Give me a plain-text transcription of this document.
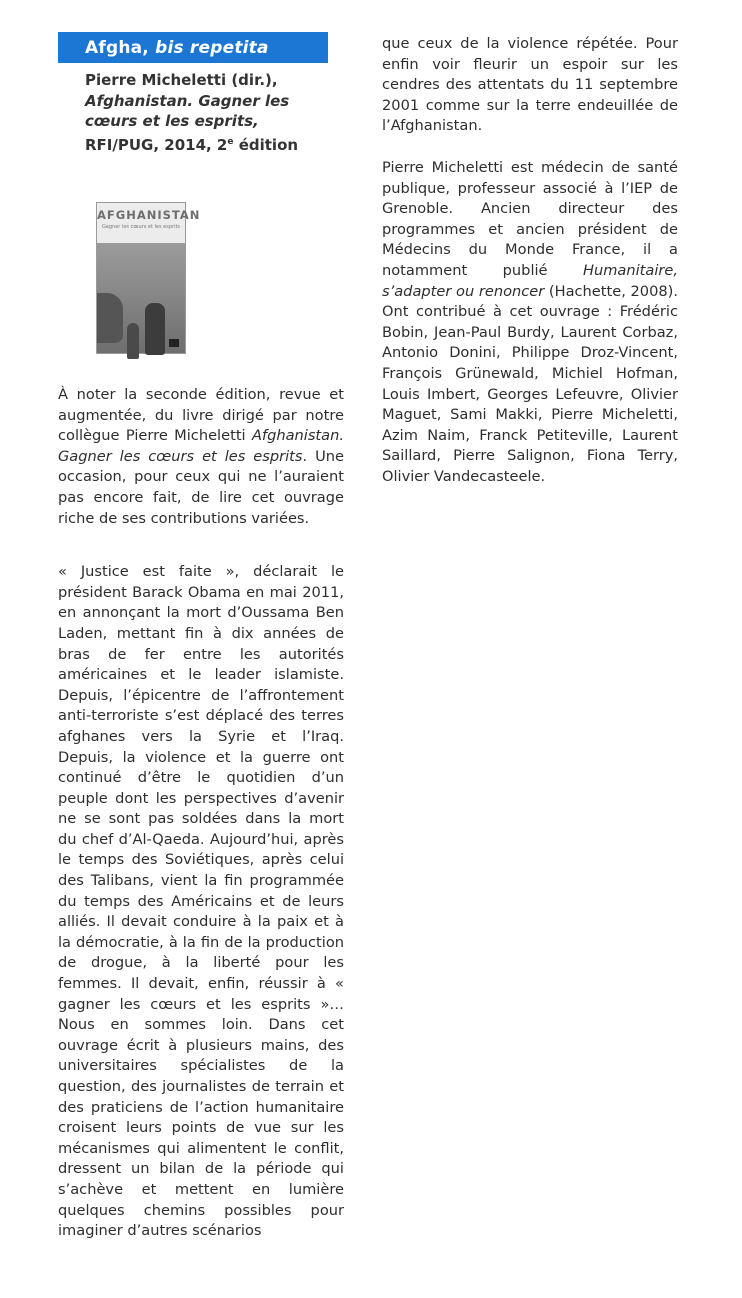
Afgha, bis repetita
Pierre Micheletti (dir.),
Afghanistan. Gagner les
cœurs et les esprits,
RFI/PUG, 2014, 2e édition
AFGHANISTAN
Gagner les cœurs et les esprits

À noter la seconde édition, revue et augmentée, du livre dirigé par notre collègue Pierre Micheletti Afghanistan. Gagner les cœurs et les esprits. Une occasion, pour ceux qui ne l’auraient pas encore fait, de lire cet ouvrage riche de ses contributions variées.

« Justice est faite », déclarait le président Barack Obama en mai 2011, en annonçant la mort d’Oussama Ben Laden, mettant fin à dix années de bras de fer entre les autorités américaines et le leader islamiste. Depuis, l’épicentre de l’affrontement anti-terroriste s’est déplacé des terres afghanes vers la Syrie et l’Iraq. Depuis, la violence et la guerre ont continué d’être le quotidien d’un peuple dont les perspectives d’avenir ne se sont pas soldées dans la mort du chef d’Al-Qaeda. Aujourd’hui, après le temps des Soviétiques, après celui des Talibans, vient la fin programmée du temps des Américains et de leurs alliés. Il devait conduire à la paix et à la démocratie, à la fin de la production de drogue, à la liberté pour les femmes. Il devait, enfin, réussir à « gagner les cœurs et les esprits »… Nous en sommes loin. Dans cet ouvrage écrit à plusieurs mains, des universitaires spécialistes de la question, des journalistes de terrain et des praticiens de l’action humanitaire croisent leurs points de vue sur les mécanismes qui alimentent le conflit, dressent un bilan de la période qui s’achève et mettent en lumière quelques chemins possibles pour imaginer d’autres scénarios

que ceux de la violence répétée. Pour enfin voir fleurir un espoir sur les cendres des attentats du 11 septembre 2001 comme sur la terre endeuillée de l’Afghanistan.

Pierre Micheletti est médecin de santé publique, professeur associé à l’IEP de Grenoble. Ancien directeur des programmes et ancien président de Médecins du Monde France, il a notamment publié Humanitaire, s’adapter ou renoncer (Hachette, 2008). Ont contribué à cet ouvrage : Frédéric Bobin, Jean-Paul Burdy, Laurent Corbaz, Antonio Donini, Philippe Droz-Vincent, François Grünewald, Michiel Hofman, Louis Imbert, Georges Lefeuvre, Olivier Maguet, Sami Makki, Pierre Micheletti, Azim Naim, Franck Petiteville, Laurent Saillard, Pierre Salignon, Fiona Terry, Olivier Vandecasteele.
